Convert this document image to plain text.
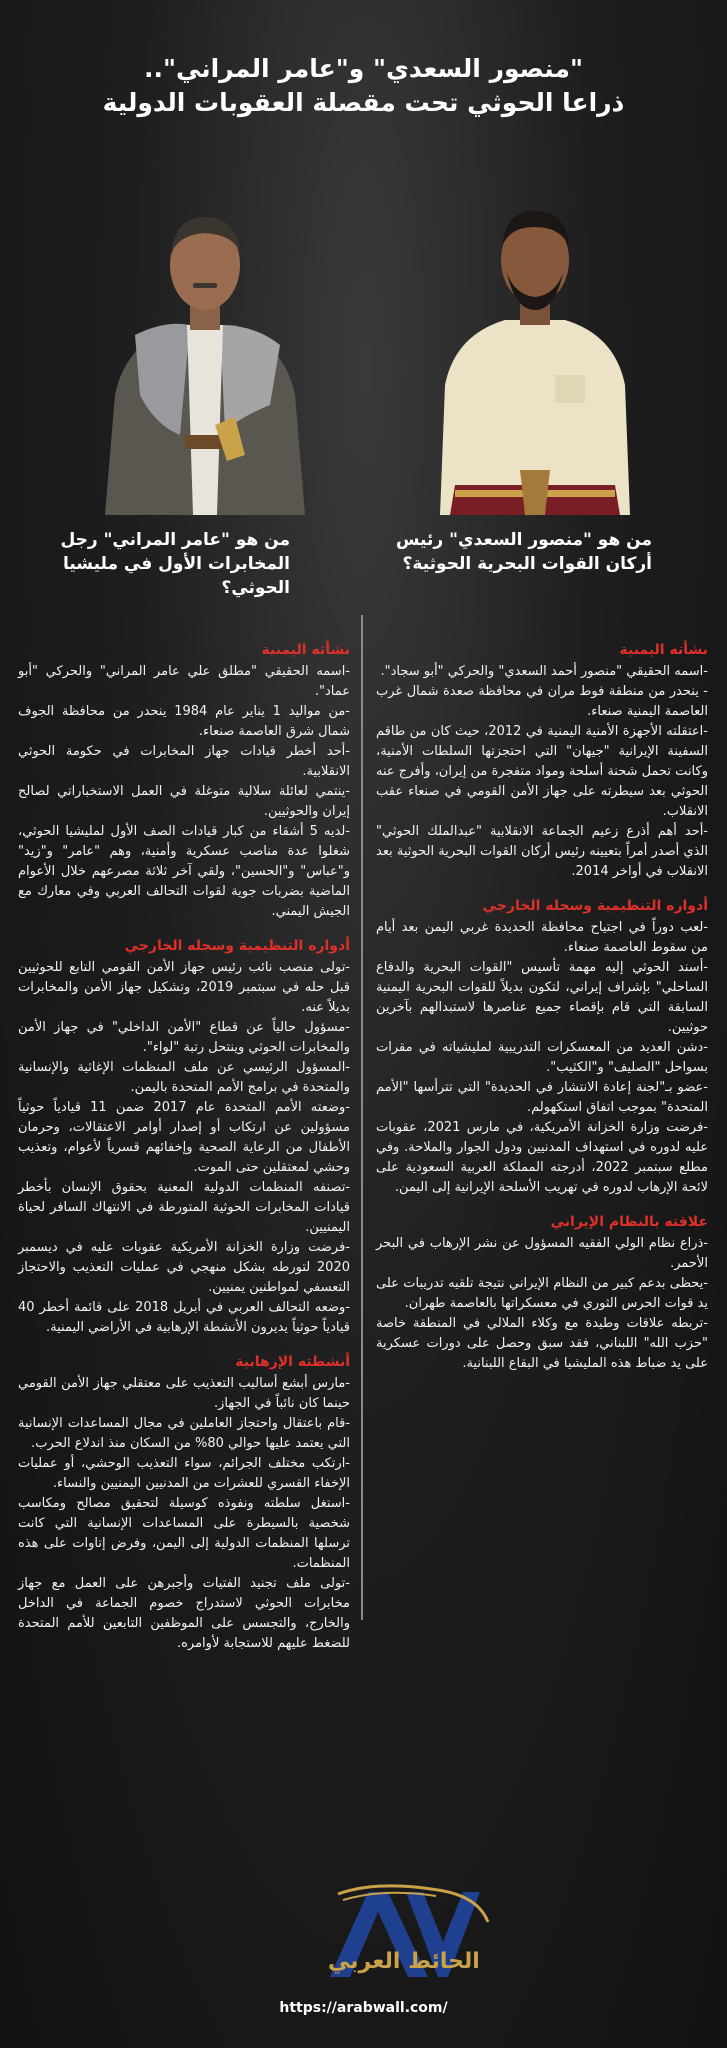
"منصور السعدي" و"عامر المراني"..
ذراعا الحوثي تحت مقصلة العقوبات الدولية
من هو "منصور السعدي" رئيس أركان القوات البحرية الحوثية؟
من هو "عامر المراني" رجل المخابرات الأول في مليشيا الحوثي؟
نشأته اليمنية

-اسمه الحقيقي "منصور أحمد السعدي" والحركي "أبو سجاد".

- ينحدر من منطقة فوط مران في محافظة صعدة شمال غرب العاصمة اليمنية صنعاء.

-اعتقلته الأجهزة الأمنية اليمنية في 2012، حيث كان من طاقم السفينة الإيرانية "جيهان" التي احتجزتها السلطات الأمنية، وكانت تحمل شحنة أسلحة ومواد متفجرة من إيران، وأفرج عنه الحوثي بعد سيطرته على جهاز الأمن القومي في صنعاء عقب الانقلاب.

-أحد أهم أذرع زعيم الجماعة الانقلابية "عبدالملك الحوثي" الذي أصدر أمراً بتعيينه رئيس أركان القوات البحرية الحوثية بعد الانقلاب في أواخر 2014.

أدواره التنظيمية وسجله الخارجي

-لعب دوراً في اجتياح محافظة الحديدة غربي اليمن بعد أيام من سقوط العاصمة صنعاء.

-أسند الحوثي إليه مهمة تأسيس "القوات البحرية والدفاع الساحلي" بإشراف إيراني، لتكون بديلاً للقوات البحرية اليمنية السابقة التي قام بإقصاء جميع عناصرها لاستبدالهم بآخرين حوثيين.

-دشن العديد من المعسكرات التدريبية لمليشياته في مقرات بسواحل "الصليف" و"الكثيب".

-عضو بـ"لجنة إعادة الانتشار في الحديدة" التي تترأسها "الأمم المتحدة" بموجب اتفاق استكهولم.

-فرضت وزارة الخزانة الأمريكية، في مارس 2021، عقوبات عليه لدوره في استهداف المدنيين ودول الجوار والملاحة. وفي مطلع سبتمبر 2022، أدرجته المملكة العربية السعودية على لائحة الإرهاب لدوره في تهريب الأسلحة الإيرانية إلى اليمن.

علاقته بالنظام الإيراني

-ذراع نظام الولي الفقيه المسؤول عن نشر الإرهاب في البحر الأحمر.

-يحظى بدعم كبير من النظام الإيراني نتيجة تلقيه تدريبات على يد قوات الحرس الثوري في معسكراتها بالعاصمة طهران.

-تربطه علاقات وطيدة مع وكلاء الملالي في المنطقة خاصة "حزب الله" اللبناني، فقد سبق وحصل على دورات عسكرية على يد ضباط هذه المليشيا في البقاع اللبنانية.

نشأته اليمنية

-اسمه الحقيقي "مطلق علي عامر المراني" والحركي "أبو عماد".

-من مواليد 1 يناير عام 1984 ينحدر من محافظة الجوف شمال شرق العاصمة صنعاء.

-أحد أخطر قيادات جهاز المخابرات في حكومة الحوثي الانقلابية.

-ينتمي لعائلة سلالية متوغلة في العمل الاستخباراتي لصالح إيران والحوثيين.

-لديه 5 أشقاء من كبار قيادات الصف الأول لمليشيا الحوثي، شغلوا عدة مناصب عسكرية وأمنية، وهم "عامر" و"زيد" و"عباس" و"الحسين"، ولقي آخر ثلاثة مصرعهم خلال الأعوام الماضية بضربات جوية لقوات التحالف العربي وفي معارك مع الجيش اليمني.

أدواره التنظيمية وسجله الخارجي

-تولى منصب نائب رئيس جهاز الأمن القومي التابع للحوثيين قبل حله في سبتمبر 2019، وتشكيل جهاز الأمن والمخابرات بديلاً عنه.

-مسؤول حالياً عن قطاع "الأمن الداخلي" في جهاز الأمن والمخابرات الحوثي وينتحل رتبة "لواء".

-المسؤول الرئيسي عن ملف المنظمات الإغاثية والإنسانية والمتحدة في برامج الأمم المتحدة باليمن.

-وضعته الأمم المتحدة عام 2017 ضمن 11 قيادياً حوثياً مسؤولين عن ارتكاب أو إصدار أوامر الاعتقالات، وحرمان الأطفال من الرعاية الصحية وإخفائهم قسرياً لأعوام، وتعذيب وحشي لمعتقلين حتى الموت.

-تصنفه المنظمات الدولية المعنية بحقوق الإنسان بأخطر قيادات المخابرات الحوثية المتورطة في الانتهاك السافر لحياة اليمنيين.

-فرضت وزارة الخزانة الأمريكية عقوبات عليه في ديسمبر 2020 لتورطه بشكل منهجي في عمليات التعذيب والاحتجاز التعسفي لمواطنين يمنيين.

-وضعه التحالف العربي في أبريل 2018 على قائمة أخطر 40 قيادياً حوثياً يديرون الأنشطة الإرهابية في الأراضي اليمنية.

أنشطته الإرهابية

-مارس أبشع أساليب التعذيب على معتقلي جهاز الأمن القومي حينما كان نائباً في الجهاز.

-قام باعتقال واحتجاز العاملين في مجال المساعدات الإنسانية التي يعتمد عليها حوالي 80% من السكان منذ اندلاع الحرب.

-ارتكب مختلف الجرائم، سواء التعذيب الوحشي، أو عمليات الإخفاء القسري للعشرات من المدنيين اليمنيين والنساء.

-استغل سلطته ونفوذه كوسيلة لتحقيق مصالح ومكاسب شخصية بالسيطرة على المساعدات الإنسانية التي كانت ترسلها المنظمات الدولية إلى اليمن، وفرض إتاوات على هذه المنظمات.

-تولى ملف تجنيد الفتيات وأجبرهن على العمل مع جهاز مخابرات الحوثي لاستدراج خصوم الجماعة في الداخل والخارج، والتجسس على الموظفين التابعين للأمم المتحدة للضغط عليهم للاستجابة لأوامره.

الحائط العربي
https://arabwall.com/
